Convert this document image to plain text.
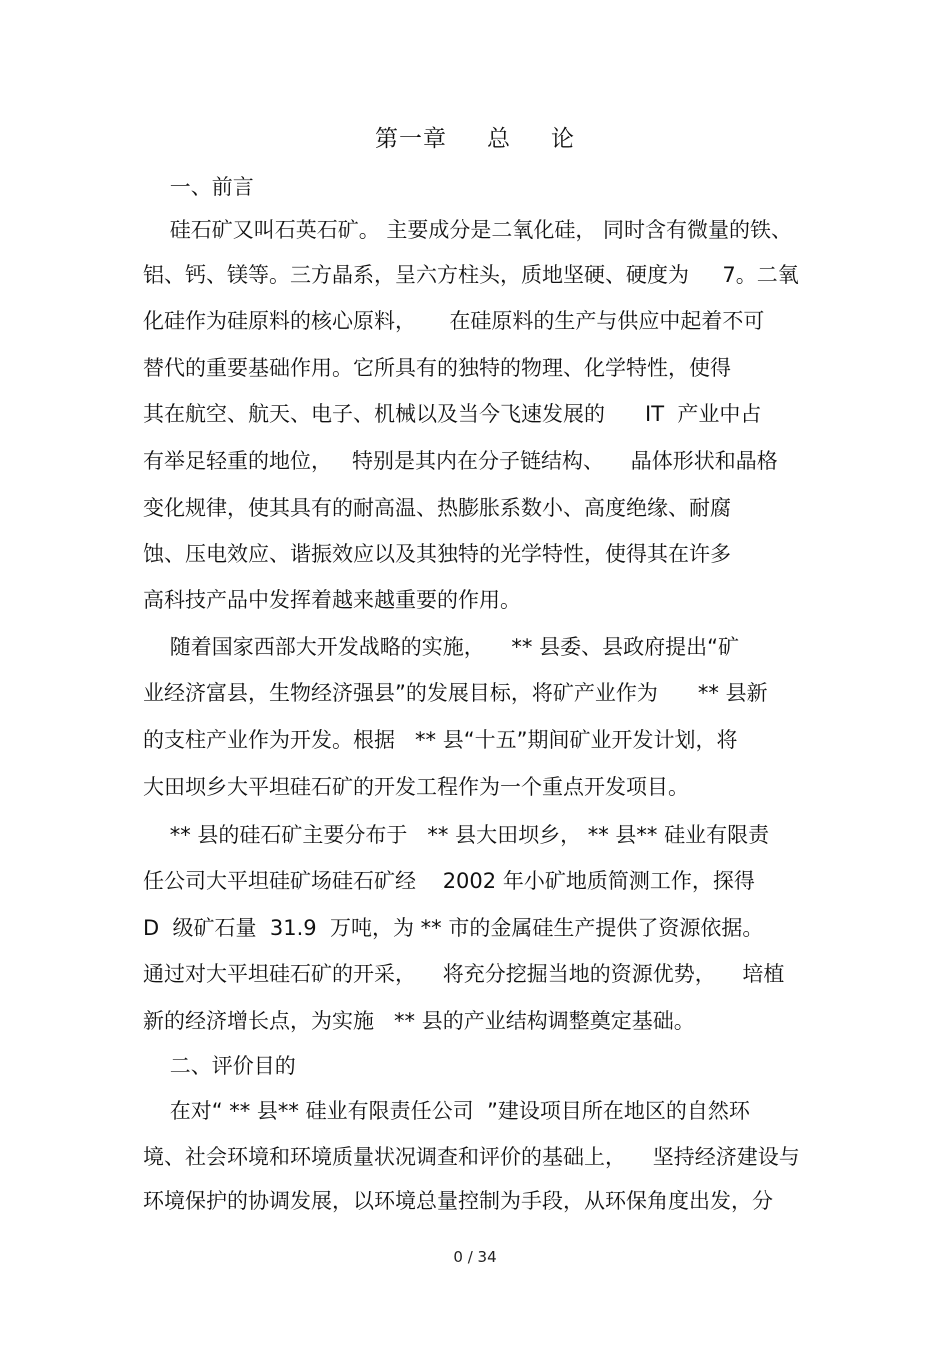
第一章 总 论
一、前言
硅石矿又叫石英石矿。 主要成分是二氧化硅， 同时含有微量的铁、
铝、钙、镁等。三方晶系，呈六方柱头，质地坚硬、硬度为     7。二氧
化硅作为硅原料的核心原料，     在硅原料的生产与供应中起着不可
替代的重要基础作用。它所具有的独特的物理、化学特性，使得
其在航空、航天、电子、机械以及当今飞速发展的      IT  产业中占
有举足轻重的地位，   特别是其内在分子链结构、    晶体形状和晶格
变化规律，使其具有的耐高温、热膨胀系数小、高度绝缘、耐腐
蚀、压电效应、谐振效应以及其独特的光学特性，使得其在许多
高科技产品中发挥着越来越重要的作用。
随着国家西部大开发战略的实施，    ** 县委、县政府提出“矿
业经济富县，生物经济强县”的发展目标，将矿产业作为      ** 县新
的支柱产业作为开发。根据   ** 县“十五”期间矿业开发计划，将
大田坝乡大平坦硅石矿的开发工程作为一个重点开发项目。
** 县的硅石矿主要分布于   ** 县大田坝乡， ** 县** 硅业有限责
任公司大平坦硅矿场硅石矿经    2002 年小矿地质简测工作，探得
D  级矿石量  31.9  万吨，为 ** 市的金属硅生产提供了资源依据。
通过对大平坦硅石矿的开采，    将充分挖掘当地的资源优势，    培植
新的经济增长点，为实施   ** 县的产业结构调整奠定基础。
二、评价目的
在对“ ** 县** 硅业有限责任公司  ”建设项目所在地区的自然环
境、社会环境和环境质量状况调查和评价的基础上，    坚持经济建设与
环境保护的协调发展，以环境总量控制为手段，从环保角度出发，分
0 / 34
